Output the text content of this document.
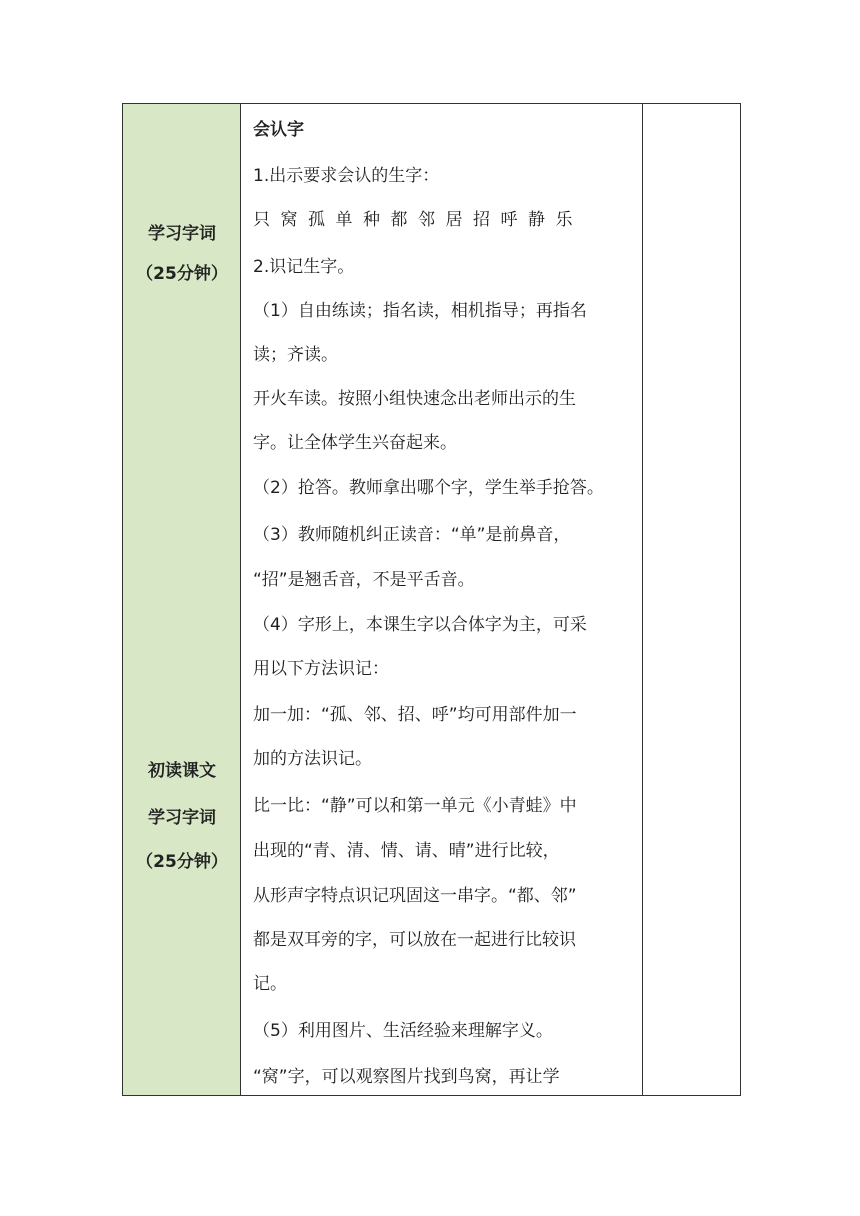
学习字词
（25分钟）
初读课文
学习字词
（25分钟）
会认字
1.出示要求会认的生字：
只窝孤单种都邻居招呼静乐
2.识记生字。
（1）自由练读；指名读，相机指导；再指名
读；齐读。
开火车读。按照小组快速念出老师出示的生
字。让全体学生兴奋起来。
（2）抢答。教师拿出哪个字，学生举手抢答。
（3）教师随机纠正读音：“单”是前鼻音，
“招”是翘舌音，不是平舌音。
（4）字形上，本课生字以合体字为主，可采
用以下方法识记：
加一加：“孤、邻、招、呼”均可用部件加一
加的方法识记。
比一比：“静”可以和第一单元《小青蛙》中
出现的“青、清、情、请、晴”进行比较，
从形声字特点识记巩固这一串字。“都、邻”
都是双耳旁的字，可以放在一起进行比较识
记。
（5）利用图片、生活经验来理解字义。
“窝”字，可以观察图片找到鸟窝，再让学
